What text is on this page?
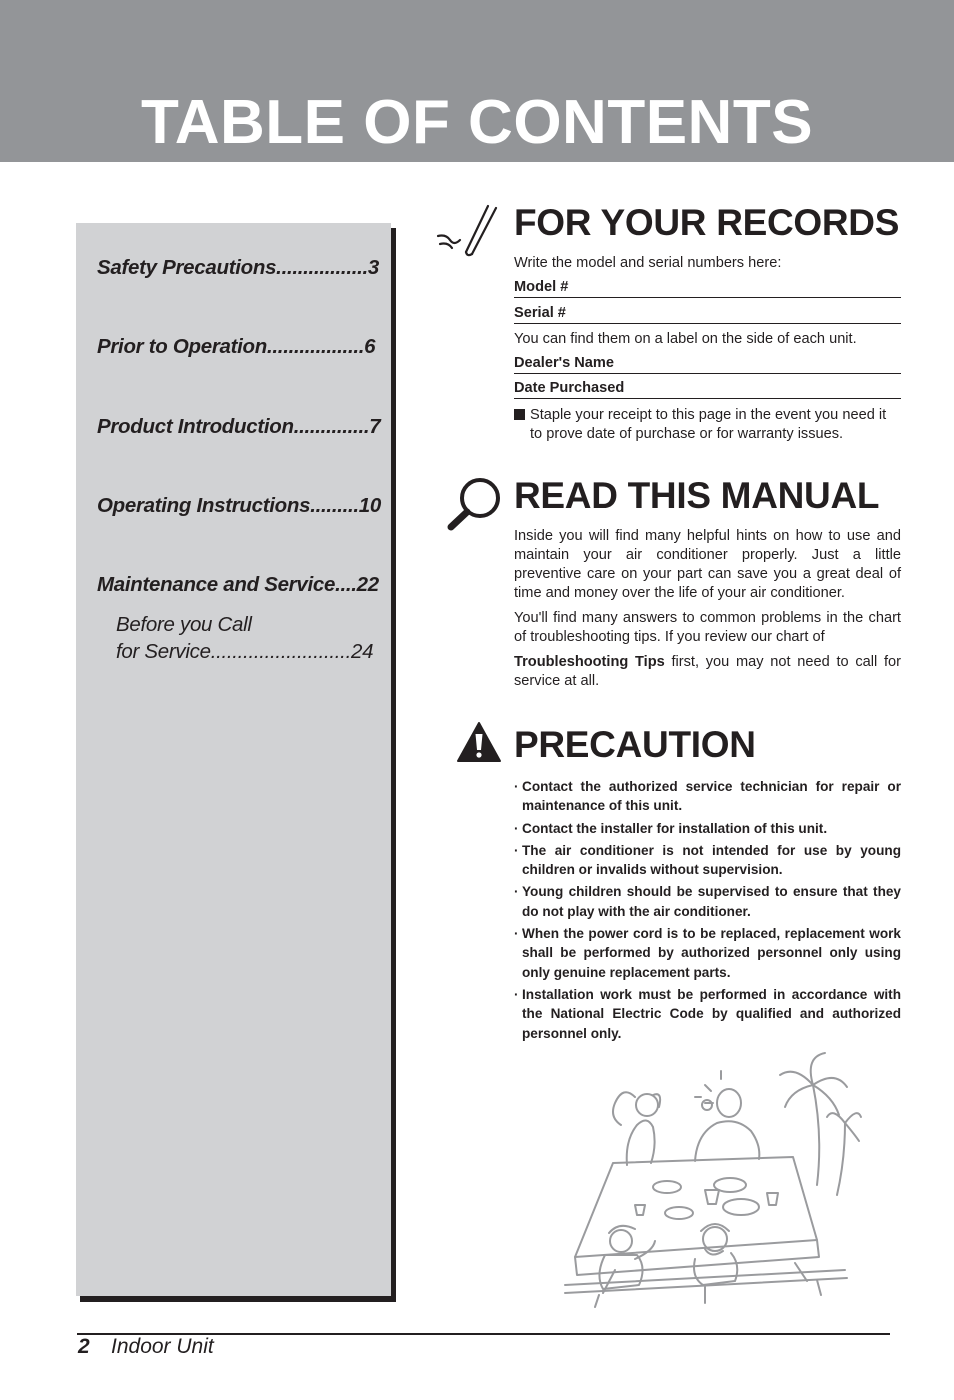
TABLE OF CONTENTS
Safety Precautions ................. 3
Prior to Operation .................. 6
Product Introduction .............. 7
Operating Instructions ......... 10
Maintenance and Service .... 22
Before you Call
for Service .......................... 24
FOR YOUR RECORDS
Write the model and serial numbers here:
Model #
Serial #
You can find them on a label on the side of each unit.
Dealer's Name
Date Purchased
Staple your receipt to this page in the event you need it to prove date of purchase or for warranty issues.
READ THIS MANUAL
Inside you will find many helpful hints on how to use and maintain your air conditioner properly. Just a little preventive care on your part can save you a great deal of time and money over the life of your air conditioner.
You'll find many answers to common problems in the chart of troubleshooting tips. If you review our chart of
Troubleshooting Tips first, you may not need to call for service at all.
PRECAUTION
· Contact the authorized service technician for repair or maintenance of this unit.
· Contact the installer for installation of this unit.
· The air conditioner is not intended for use by young children or invalids without supervision.
· Young children should be supervised to ensure that they do not play with the air conditioner.
· When the power cord is to be replaced, replacement work shall be performed by authorized personnel only using only genuine replacement parts.
· Installation work must be performed in accordance with the National Electric Code by qualified and authorized personnel only.
2 Indoor Unit
